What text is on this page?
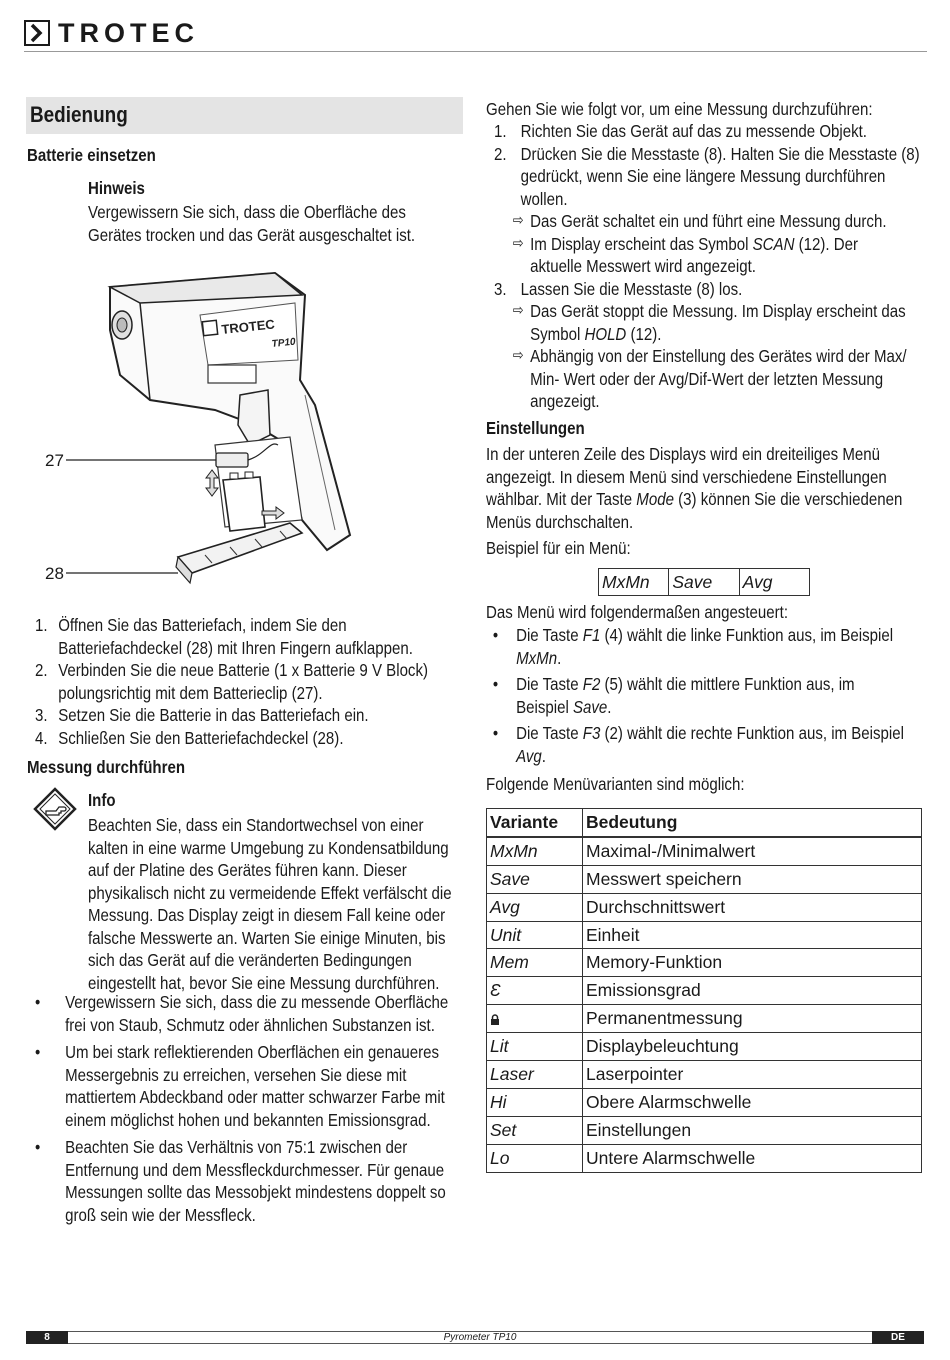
TROTEC
Bedienung
Batterie einsetzen
Hinweis
Vergewissern Sie sich, dass die Oberfläche des
Gerätes trocken und das Gerät ausgeschaltet ist.
TROTEC
TP10
27
28
1. Öffnen Sie das Batteriefach, indem Sie den
Batteriefachdeckel (28) mit Ihren Fingern aufklappen.
2. Verbinden Sie die neue Batterie (1 x Batterie 9 V Block)
polungsrichtig mit dem Batterieclip (27).
3. Setzen Sie die Batterie in das Batteriefach ein.
4. Schließen Sie den Batteriefachdeckel (28).
Messung durchführen
Info
Beachten Sie, dass ein Standortwechsel von einer
kalten in eine warme Umgebung zu Kondensatbildung
auf der Platine des Gerätes führen kann. Dieser
physikalisch nicht zu vermeidende Effekt verfälscht die
Messung. Das Display zeigt in diesem Fall keine oder
falsche Messwerte an. Warten Sie einige Minuten, bis
sich das Gerät auf die veränderten Bedingungen
eingestellt hat, bevor Sie eine Messung durchführen.
•	Vergewissern Sie sich, dass die zu messende Oberfläche
frei von Staub, Schmutz oder ähnlichen Substanzen ist.
•	Um bei stark reflektierenden Oberflächen ein genaueres
Messergebnis zu erreichen, versehen Sie diese mit
mattiertem Abdeckband oder matter schwarzer Farbe mit
einem möglichst hohen und bekannten Emissionsgrad.
•	Beachten Sie das Verhältnis von 75:1 zwischen der
Entfernung und dem Messfleckdurchmesser. Für genaue
Messungen sollte das Messobjekt mindestens doppelt so
groß sein wie der Messfleck.
Gehen Sie wie folgt vor, um eine Messung durchzuführen:
1. Richten Sie das Gerät auf das zu messende Objekt.
2. Drücken Sie die Messtaste (8). Halten Sie die Messtaste (8)
gedrückt, wenn Sie eine längere Messung durchführen
wollen.
⇨ Das Gerät schaltet ein und führt eine Messung durch.
⇨ Im Display erscheint das Symbol SCAN (12). Der
aktuelle Messwert wird angezeigt.
3. Lassen Sie die Messtaste (8) los.
⇨ Das Gerät stoppt die Messung. Im Display erscheint das
Symbol HOLD (12).
⇨ Abhängig von der Einstellung des Gerätes wird der Max/
Min- Wert oder der Avg/Dif-Wert der letzten Messung
angezeigt.
Einstellungen
In der unteren Zeile des Displays wird ein dreiteiliges Menü
angezeigt. In diesem Menü sind verschiedene Einstellungen
wählbar. Mit der Taste Mode (3) können Sie die verschiedenen
Menüs durchschalten.
Beispiel für ein Menü:
MxMn	Save	Avg
Das Menü wird folgendermaßen angesteuert:
•	Die Taste F1 (4) wählt die linke Funktion aus, im Beispiel
MxMn.
•	Die Taste F2 (5) wählt die mittlere Funktion aus, im
Beispiel Save.
•	Die Taste F3 (2) wählt die rechte Funktion aus, im Beispiel
Avg.
Folgende Menüvarianten sind möglich:
Variante	Bedeutung
MxMn	Maximal-/Minimalwert
Save	Messwert speichern
Avg	Durchschnittswert
Unit	Einheit
Mem	Memory-Funktion
Ɛ	Emissionsgrad
	Permanentmessung
Lit	Displaybeleuchtung
Laser	Laserpointer
Hi	Obere Alarmschwelle
Set	Einstellungen
Lo	Untere Alarmschwelle
8	Pyrometer TP10	DE
